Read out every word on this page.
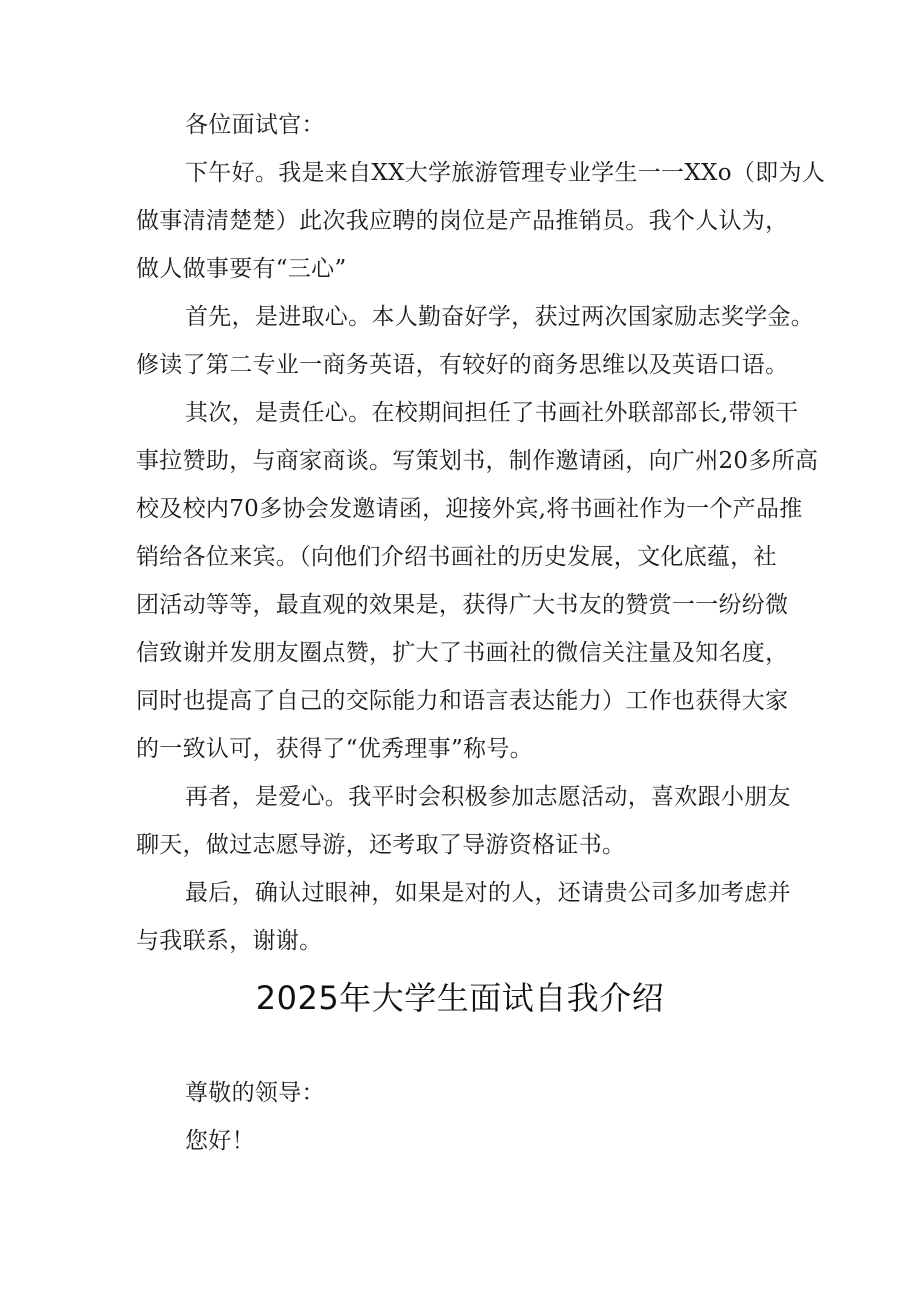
各位面试官：
下午好。我是来自XX大学旅游管理专业学生一一XXo（即为人
做事清清楚楚）此次我应聘的岗位是产品推销员。我个人认为，
做人做事要有“三心”
首先，是进取心。本人勤奋好学，获过两次国家励志奖学金。
修读了第二专业一商务英语，有较好的商务思维以及英语口语。
其次，是责任心。在校期间担任了书画社外联部部长,带领干
事拉赞助，与商家商谈。写策划书，制作邀请函，向广州20多所高
校及校内70多协会发邀请函，迎接外宾,将书画社作为一个产品推
销给各位来宾。（向他们介绍书画社的历史发展，文化底蕴，社
团活动等等，最直观的效果是，获得广大书友的赞赏一一纷纷微
信致谢并发朋友圈点赞，扩大了书画社的微信关注量及知名度，
同时也提高了自己的交际能力和语言表达能力）工作也获得大家
的一致认可，获得了“优秀理事”称号。
再者，是爱心。我平时会积极参加志愿活动，喜欢跟小朋友
聊天，做过志愿导游，还考取了导游资格证书。
最后，确认过眼神，如果是对的人，还请贵公司多加考虑并
与我联系，谢谢。
2025年大学生面试自我介绍
尊敬的领导：
您好！
